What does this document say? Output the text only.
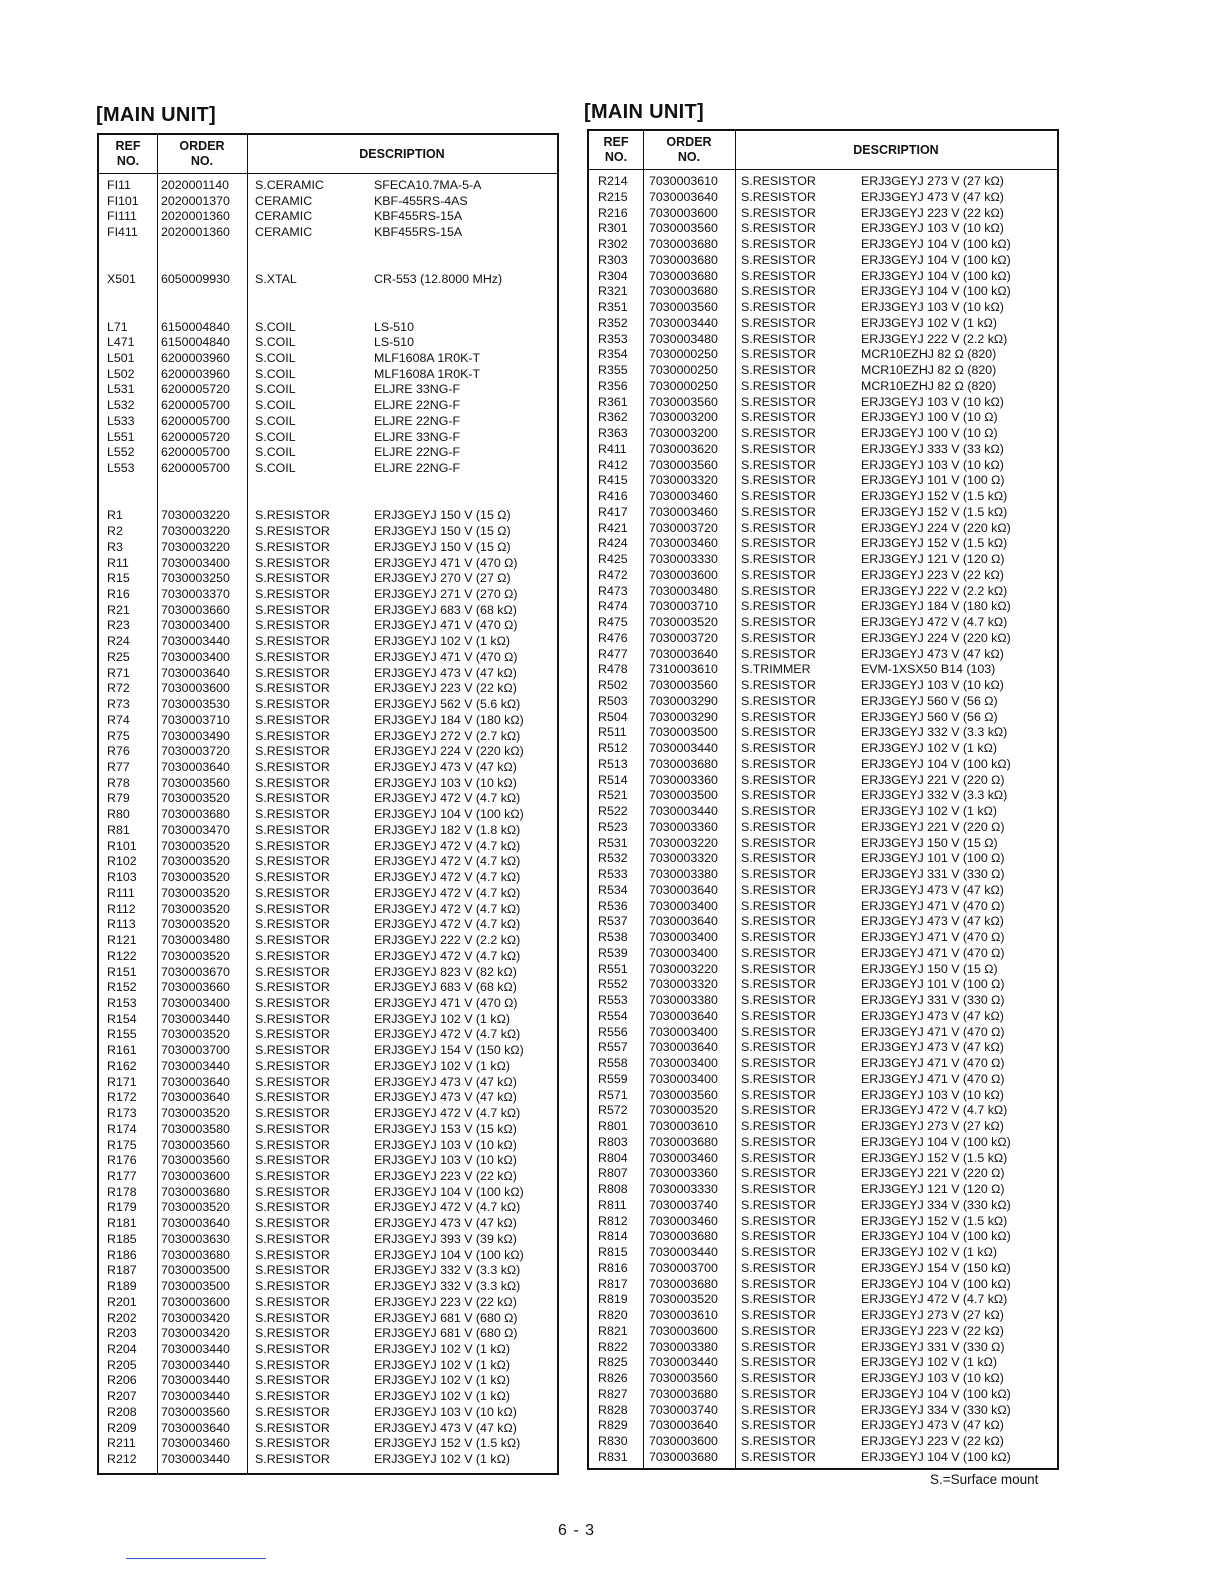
[MAIN UNIT]	[MAIN UNIT]
REF
NO.
ORDER
NO.
DESCRIPTION
FI11 2020001140 S.CERAMIC	SFECA10.7MA-5-A
FI101 2020001370 CERAMIC	KBF-455RS-4AS
FI111 2020001360 CERAMIC	KBF455RS-15A
FI411 2020001360 CERAMIC	KBF455RS-15A
X501 6050009930 S.XTAL	CR-553 (12.8000 MHz)
L71	6150004840 S.COIL	LS-510
L471 6150004840 S.COIL	LS-510
L501 6200003960 S.COIL	MLF1608A 1R0K-T
L502 6200003960 S.COIL	MLF1608A 1R0K-T
L531 6200005720 S.COIL	ELJRE 33NG-F
L532 6200005700 S.COIL	ELJRE 22NG-F
L533 6200005700 S.COIL	ELJRE 22NG-F
L551 6200005720 S.COIL	ELJRE 33NG-F
L552 6200005700 S.COIL	ELJRE 22NG-F
L553 6200005700 S.COIL	ELJRE 22NG-F
R1	7030003220 S.RESISTOR	ERJ3GEYJ 150 V (15 Ω)
R2	7030003220 S.RESISTOR	ERJ3GEYJ 150 V (15 Ω)
R3	7030003220 S.RESISTOR	ERJ3GEYJ 150 V (15 Ω)
R11	7030003400 S.RESISTOR	ERJ3GEYJ 471 V (470 Ω)
R15	7030003250 S.RESISTOR	ERJ3GEYJ 270 V (27 Ω)
R16	7030003370 S.RESISTOR	ERJ3GEYJ 271 V (270 Ω)
R21	7030003660 S.RESISTOR	ERJ3GEYJ 683 V (68 kΩ)
R23	7030003400 S.RESISTOR	ERJ3GEYJ 471 V (470 Ω)
R24	7030003440 S.RESISTOR	ERJ3GEYJ 102 V (1 kΩ)
R25	7030003400 S.RESISTOR	ERJ3GEYJ 471 V (470 Ω)
R71	7030003640 S.RESISTOR	ERJ3GEYJ 473 V (47 kΩ)
R72	7030003600 S.RESISTOR	ERJ3GEYJ 223 V (22 kΩ)
R73	7030003530 S.RESISTOR	ERJ3GEYJ 562 V (5.6 kΩ)
R74	7030003710 S.RESISTOR	ERJ3GEYJ 184 V (180 kΩ)
R75	7030003490 S.RESISTOR	ERJ3GEYJ 272 V (2.7 kΩ)
R76	7030003720 S.RESISTOR	ERJ3GEYJ 224 V (220 kΩ)
R77	7030003640 S.RESISTOR	ERJ3GEYJ 473 V (47 kΩ)
R78	7030003560 S.RESISTOR	ERJ3GEYJ 103 V (10 kΩ)
R79	7030003520 S.RESISTOR	ERJ3GEYJ 472 V (4.7 kΩ)
R80	7030003680 S.RESISTOR	ERJ3GEYJ 104 V (100 kΩ)
R81	7030003470 S.RESISTOR	ERJ3GEYJ 182 V (1.8 kΩ)
R101 7030003520 S.RESISTOR	ERJ3GEYJ 472 V (4.7 kΩ)
R102 7030003520 S.RESISTOR	ERJ3GEYJ 472 V (4.7 kΩ)
R103 7030003520 S.RESISTOR	ERJ3GEYJ 472 V (4.7 kΩ)
R111 7030003520 S.RESISTOR	ERJ3GEYJ 472 V (4.7 kΩ)
R112 7030003520 S.RESISTOR	ERJ3GEYJ 472 V (4.7 kΩ)
R113 7030003520 S.RESISTOR	ERJ3GEYJ 472 V (4.7 kΩ)
R121 7030003480 S.RESISTOR	ERJ3GEYJ 222 V (2.2 kΩ)
R122 7030003520 S.RESISTOR	ERJ3GEYJ 472 V (4.7 kΩ)
R151 7030003670 S.RESISTOR	ERJ3GEYJ 823 V (82 kΩ)
R152 7030003660 S.RESISTOR	ERJ3GEYJ 683 V (68 kΩ)
R153 7030003400 S.RESISTOR	ERJ3GEYJ 471 V (470 Ω)
R154 7030003440 S.RESISTOR	ERJ3GEYJ 102 V (1 kΩ)
R155 7030003520 S.RESISTOR	ERJ3GEYJ 472 V (4.7 kΩ)
R161 7030003700 S.RESISTOR	ERJ3GEYJ 154 V (150 kΩ)
R162 7030003440 S.RESISTOR	ERJ3GEYJ 102 V (1 kΩ)
R171 7030003640 S.RESISTOR	ERJ3GEYJ 473 V (47 kΩ)
R172 7030003640 S.RESISTOR	ERJ3GEYJ 473 V (47 kΩ)
R173 7030003520 S.RESISTOR	ERJ3GEYJ 472 V (4.7 kΩ)
R174 7030003580 S.RESISTOR	ERJ3GEYJ 153 V (15 kΩ)
R175 7030003560 S.RESISTOR	ERJ3GEYJ 103 V (10 kΩ)
R176 7030003560 S.RESISTOR	ERJ3GEYJ 103 V (10 kΩ)
R177 7030003600 S.RESISTOR	ERJ3GEYJ 223 V (22 kΩ)
R178 7030003680 S.RESISTOR	ERJ3GEYJ 104 V (100 kΩ)
R179 7030003520 S.RESISTOR	ERJ3GEYJ 472 V (4.7 kΩ)
R181 7030003640 S.RESISTOR	ERJ3GEYJ 473 V (47 kΩ)
R185 7030003630 S.RESISTOR	ERJ3GEYJ 393 V (39 kΩ)
R186 7030003680 S.RESISTOR	ERJ3GEYJ 104 V (100 kΩ)
R187 7030003500 S.RESISTOR	ERJ3GEYJ 332 V (3.3 kΩ)
R189 7030003500 S.RESISTOR	ERJ3GEYJ 332 V (3.3 kΩ)
R201 7030003600 S.RESISTOR	ERJ3GEYJ 223 V (22 kΩ)
R202 7030003420 S.RESISTOR	ERJ3GEYJ 681 V (680 Ω)
R203 7030003420 S.RESISTOR	ERJ3GEYJ 681 V (680 Ω)
R204 7030003440 S.RESISTOR	ERJ3GEYJ 102 V (1 kΩ)
R205 7030003440 S.RESISTOR	ERJ3GEYJ 102 V (1 kΩ)
R206 7030003440 S.RESISTOR	ERJ3GEYJ 102 V (1 kΩ)
R207 7030003440 S.RESISTOR	ERJ3GEYJ 102 V (1 kΩ)
R208 7030003560 S.RESISTOR	ERJ3GEYJ 103 V (10 kΩ)
R209 7030003640 S.RESISTOR	ERJ3GEYJ 473 V (47 kΩ)
R211 7030003460 S.RESISTOR	ERJ3GEYJ 152 V (1.5 kΩ)
R212 7030003440 S.RESISTOR	ERJ3GEYJ 102 V (1 kΩ)
REF
NO.
ORDER
NO.
DESCRIPTION
R214 7030003610 S.RESISTOR	ERJ3GEYJ 273 V (27 kΩ)
R215 7030003640 S.RESISTOR	ERJ3GEYJ 473 V (47 kΩ)
R216 7030003600 S.RESISTOR	ERJ3GEYJ 223 V (22 kΩ)
R301 7030003560 S.RESISTOR	ERJ3GEYJ 103 V (10 kΩ)
R302 7030003680 S.RESISTOR	ERJ3GEYJ 104 V (100 kΩ)
R303 7030003680 S.RESISTOR	ERJ3GEYJ 104 V (100 kΩ)
R304 7030003680 S.RESISTOR	ERJ3GEYJ 104 V (100 kΩ)
R321 7030003680 S.RESISTOR	ERJ3GEYJ 104 V (100 kΩ)
R351 7030003560 S.RESISTOR	ERJ3GEYJ 103 V (10 kΩ)
R352 7030003440 S.RESISTOR	ERJ3GEYJ 102 V (1 kΩ)
R353 7030003480 S.RESISTOR	ERJ3GEYJ 222 V (2.2 kΩ)
R354 7030000250 S.RESISTOR	MCR10EZHJ 82 Ω (820)
R355 7030000250 S.RESISTOR	MCR10EZHJ 82 Ω (820)
R356 7030000250 S.RESISTOR	MCR10EZHJ 82 Ω (820)
R361 7030003560 S.RESISTOR	ERJ3GEYJ 103 V (10 kΩ)
R362 7030003200 S.RESISTOR	ERJ3GEYJ 100 V (10 Ω)
R363 7030003200 S.RESISTOR	ERJ3GEYJ 100 V (10 Ω)
R411 7030003620 S.RESISTOR	ERJ3GEYJ 333 V (33 kΩ)
R412 7030003560 S.RESISTOR	ERJ3GEYJ 103 V (10 kΩ)
R415 7030003320 S.RESISTOR	ERJ3GEYJ 101 V (100 Ω)
R416 7030003460 S.RESISTOR	ERJ3GEYJ 152 V (1.5 kΩ)
R417 7030003460 S.RESISTOR	ERJ3GEYJ 152 V (1.5 kΩ)
R421 7030003720 S.RESISTOR	ERJ3GEYJ 224 V (220 kΩ)
R424 7030003460 S.RESISTOR	ERJ3GEYJ 152 V (1.5 kΩ)
R425 7030003330 S.RESISTOR	ERJ3GEYJ 121 V (120 Ω)
R472 7030003600 S.RESISTOR	ERJ3GEYJ 223 V (22 kΩ)
R473 7030003480 S.RESISTOR	ERJ3GEYJ 222 V (2.2 kΩ)
R474 7030003710 S.RESISTOR	ERJ3GEYJ 184 V (180 kΩ)
R475 7030003520 S.RESISTOR	ERJ3GEYJ 472 V (4.7 kΩ)
R476 7030003720 S.RESISTOR	ERJ3GEYJ 224 V (220 kΩ)
R477 7030003640 S.RESISTOR	ERJ3GEYJ 473 V (47 kΩ)
R478 7310003610 S.TRIMMER	EVM-1XSX50 B14 (103)
R502 7030003560 S.RESISTOR	ERJ3GEYJ 103 V (10 kΩ)
R503 7030003290 S.RESISTOR	ERJ3GEYJ 560 V (56 Ω)
R504 7030003290 S.RESISTOR	ERJ3GEYJ 560 V (56 Ω)
R511 7030003500 S.RESISTOR	ERJ3GEYJ 332 V (3.3 kΩ)
R512 7030003440 S.RESISTOR	ERJ3GEYJ 102 V (1 kΩ)
R513 7030003680 S.RESISTOR	ERJ3GEYJ 104 V (100 kΩ)
R514 7030003360 S.RESISTOR	ERJ3GEYJ 221 V (220 Ω)
R521 7030003500 S.RESISTOR	ERJ3GEYJ 332 V (3.3 kΩ)
R522 7030003440 S.RESISTOR	ERJ3GEYJ 102 V (1 kΩ)
R523 7030003360 S.RESISTOR	ERJ3GEYJ 221 V (220 Ω)
R531 7030003220 S.RESISTOR	ERJ3GEYJ 150 V (15 Ω)
R532 7030003320 S.RESISTOR	ERJ3GEYJ 101 V (100 Ω)
R533 7030003380 S.RESISTOR	ERJ3GEYJ 331 V (330 Ω)
R534 7030003640 S.RESISTOR	ERJ3GEYJ 473 V (47 kΩ)
R536 7030003400 S.RESISTOR	ERJ3GEYJ 471 V (470 Ω)
R537 7030003640 S.RESISTOR	ERJ3GEYJ 473 V (47 kΩ)
R538 7030003400 S.RESISTOR	ERJ3GEYJ 471 V (470 Ω)
R539 7030003400 S.RESISTOR	ERJ3GEYJ 471 V (470 Ω)
R551 7030003220 S.RESISTOR	ERJ3GEYJ 150 V (15 Ω)
R552 7030003320 S.RESISTOR	ERJ3GEYJ 101 V (100 Ω)
R553 7030003380 S.RESISTOR	ERJ3GEYJ 331 V (330 Ω)
R554 7030003640 S.RESISTOR	ERJ3GEYJ 473 V (47 kΩ)
R556 7030003400 S.RESISTOR	ERJ3GEYJ 471 V (470 Ω)
R557 7030003640 S.RESISTOR	ERJ3GEYJ 473 V (47 kΩ)
R558 7030003400 S.RESISTOR	ERJ3GEYJ 471 V (470 Ω)
R559 7030003400 S.RESISTOR	ERJ3GEYJ 471 V (470 Ω)
R571 7030003560 S.RESISTOR	ERJ3GEYJ 103 V (10 kΩ)
R572 7030003520 S.RESISTOR	ERJ3GEYJ 472 V (4.7 kΩ)
R801 7030003610 S.RESISTOR	ERJ3GEYJ 273 V (27 kΩ)
R803 7030003680 S.RESISTOR	ERJ3GEYJ 104 V (100 kΩ)
R804 7030003460 S.RESISTOR	ERJ3GEYJ 152 V (1.5 kΩ)
R807 7030003360 S.RESISTOR	ERJ3GEYJ 221 V (220 Ω)
R808 7030003330 S.RESISTOR	ERJ3GEYJ 121 V (120 Ω)
R811 7030003740 S.RESISTOR	ERJ3GEYJ 334 V (330 kΩ)
R812 7030003460 S.RESISTOR	ERJ3GEYJ 152 V (1.5 kΩ)
R814 7030003680 S.RESISTOR	ERJ3GEYJ 104 V (100 kΩ)
R815 7030003440 S.RESISTOR	ERJ3GEYJ 102 V (1 kΩ)
R816 7030003700 S.RESISTOR	ERJ3GEYJ 154 V (150 kΩ)
R817 7030003680 S.RESISTOR	ERJ3GEYJ 104 V (100 kΩ)
R819 7030003520 S.RESISTOR	ERJ3GEYJ 472 V (4.7 kΩ)
R820 7030003610 S.RESISTOR	ERJ3GEYJ 273 V (27 kΩ)
R821 7030003600 S.RESISTOR	ERJ3GEYJ 223 V (22 kΩ)
R822 7030003380 S.RESISTOR	ERJ3GEYJ 331 V (330 Ω)
R825 7030003440 S.RESISTOR	ERJ3GEYJ 102 V (1 kΩ)
R826 7030003560 S.RESISTOR	ERJ3GEYJ 103 V (10 kΩ)
R827 7030003680 S.RESISTOR	ERJ3GEYJ 104 V (100 kΩ)
R828 7030003740 S.RESISTOR	ERJ3GEYJ 334 V (330 kΩ)
R829 7030003640 S.RESISTOR	ERJ3GEYJ 473 V (47 kΩ)
R830 7030003600 S.RESISTOR	ERJ3GEYJ 223 V (22 kΩ)
R831 7030003680 S.RESISTOR	ERJ3GEYJ 104 V (100 kΩ)
S.=Surface mount
6 - 3
